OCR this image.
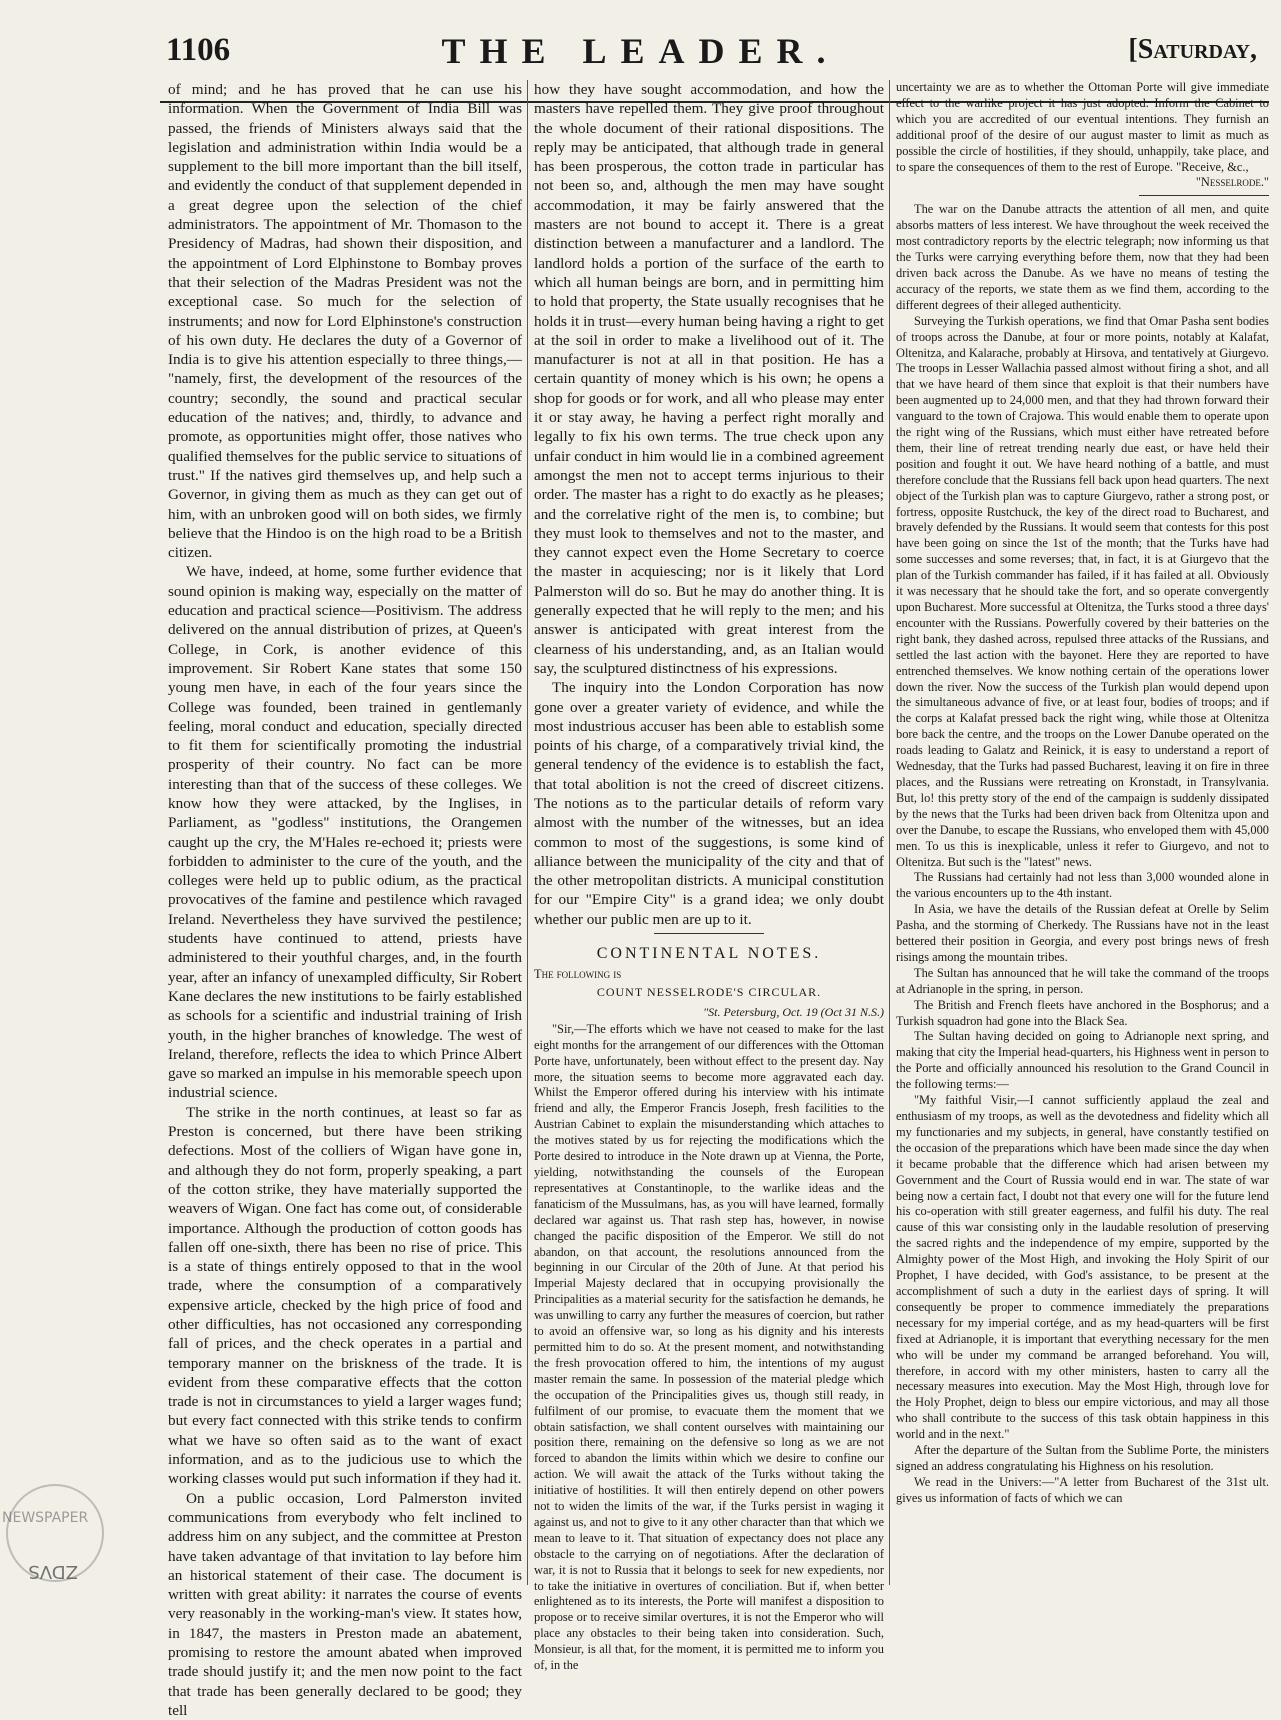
1106	THE LEADER.	[Saturday,

of mind; and he has proved that he can use his information. When the Government of India Bill was passed, the friends of Ministers always said that the legislation and administration within India would be a supplement to the bill more important than the bill itself, and evidently the conduct of that supplement depended in a great degree upon the selection of the chief administrators. The appointment of Mr. Thomason to the Presidency of Madras, had shown their disposition, and the appointment of Lord Elphinstone to Bombay proves that their selection of the Madras President was not the exceptional case. So much for the selection of instruments; and now for Lord Elphinstone's construction of his own duty. He declares the duty of a Governor of India is to give his attention especially to three things,— "namely, first, the development of the resources of the country; secondly, the sound and practical secular education of the natives; and, thirdly, to advance and promote, as opportunities might offer, those natives who qualified themselves for the public service to situations of trust." If the natives gird themselves up, and help such a Governor, in giving them as much as they can get out of him, with an unbroken good will on both sides, we firmly believe that the Hindoo is on the high road to be a British citizen.

We have, indeed, at home, some further evidence that sound opinion is making way, especially on the matter of education and practical science—Positivism. The address delivered on the annual distribution of prizes, at Queen's College, in Cork, is another evidence of this improvement. Sir Robert Kane states that some 150 young men have, in each of the four years since the College was founded, been trained in gentlemanly feeling, moral conduct and education, specially directed to fit them for scientifically promoting the industrial prosperity of their country. No fact can be more interesting than that of the success of these colleges. We know how they were attacked, by the Inglises, in Parliament, as "godless" institutions, the Orangemen caught up the cry, the M'Hales re-echoed it; priests were forbidden to administer to the cure of the youth, and the colleges were held up to public odium, as the practical provocatives of the famine and pestilence which ravaged Ireland. Nevertheless they have survived the pestilence; students have continued to attend, priests have administered to their youthful charges, and, in the fourth year, after an infancy of unexampled difficulty, Sir Robert Kane declares the new institutions to be fairly established as schools for a scientific and industrial training of Irish youth, in the higher branches of knowledge. The west of Ireland, therefore, reflects the idea to which Prince Albert gave so marked an impulse in his memorable speech upon industrial science.

The strike in the north continues, at least so far as Preston is concerned, but there have been striking defections. Most of the colliers of Wigan have gone in, and although they do not form, properly speaking, a part of the cotton strike, they have materially supported the weavers of Wigan. One fact has come out, of considerable importance. Although the production of cotton goods has fallen off one-sixth, there has been no rise of price. This is a state of things entirely opposed to that in the wool trade, where the consumption of a comparatively expensive article, checked by the high price of food and other difficulties, has not occasioned any corresponding fall of prices, and the check operates in a partial and temporary manner on the briskness of the trade. It is evident from these comparative effects that the cotton trade is not in circumstances to yield a larger wages fund; but every fact connected with this strike tends to confirm what we have so often said as to the want of exact information, and as to the judicious use to which the working classes would put such information if they had it.

On a public occasion, Lord Palmerston invited communications from everybody who felt inclined to address him on any subject, and the committee at Preston have taken advantage of that invitation to lay before him an historical statement of their case. The document is written with great ability: it narrates the course of events very reasonably in the working-man's view. It states how, in 1847, the masters in Preston made an abatement, promising to restore the amount abated when improved trade should justify it; and the men now point to the fact that trade has been generally declared to be good; they tell

how they have sought accommodation, and how the masters have repelled them. They give proof throughout the whole document of their rational dispositions. The reply may be anticipated, that although trade in general has been prosperous, the cotton trade in particular has not been so, and, although the men may have sought accommodation, it may be fairly answered that the masters are not bound to accept it. There is a great distinction between a manufacturer and a landlord. The landlord holds a portion of the surface of the earth to which all human beings are born, and in permitting him to hold that property, the State usually recognises that he holds it in trust—every human being having a right to get at the soil in order to make a livelihood out of it. The manufacturer is not at all in that position. He has a certain quantity of money which is his own; he opens a shop for goods or for work, and all who please may enter it or stay away, he having a perfect right morally and legally to fix his own terms. The true check upon any unfair conduct in him would lie in a combined agreement amongst the men not to accept terms injurious to their order. The master has a right to do exactly as he pleases; and the correlative right of the men is, to combine; but they must look to themselves and not to the master, and they cannot expect even the Home Secretary to coerce the master in acquiescing; nor is it likely that Lord Palmerston will do so. But he may do another thing. It is generally expected that he will reply to the men; and his answer is anticipated with great interest from the clearness of his understanding, and, as an Italian would say, the sculptured distinctness of his expressions.

The inquiry into the London Corporation has now gone over a greater variety of evidence, and while the most industrious accuser has been able to establish some points of his charge, of a comparatively trivial kind, the general tendency of the evidence is to establish the fact, that total abolition is not the creed of discreet citizens. The notions as to the particular details of reform vary almost with the number of the witnesses, but an idea common to most of the suggestions, is some kind of alliance between the municipality of the city and that of the other metropolitan districts. A municipal constitution for our "Empire City" is a grand idea; we only doubt whether our public men are up to it.

CONTINENTAL NOTES.
The following is
COUNT NESSELRODE'S CIRCULAR.
"St. Petersburg, Oct. 19 (Oct 31 N.S.)

"Sir,—The efforts which we have not ceased to make for the last eight months for the arrangement of our differences with the Ottoman Porte have, unfortunately, been without effect to the present day. Nay more, the situation seems to become more aggravated each day. Whilst the Emperor offered during his interview with his intimate friend and ally, the Emperor Francis Joseph, fresh facilities to the Austrian Cabinet to explain the misunderstanding which attaches to the motives stated by us for rejecting the modifications which the Porte desired to introduce in the Note drawn up at Vienna, the Porte, yielding, notwithstanding the counsels of the European representatives at Constantinople, to the warlike ideas and the fanaticism of the Mussulmans, has, as you will have learned, formally declared war against us. That rash step has, however, in nowise changed the pacific disposition of the Emperor. We still do not abandon, on that account, the resolutions announced from the beginning in our Circular of the 20th of June. At that period his Imperial Majesty declared that in occupying provisionally the Principalities as a material security for the satisfaction he demands, he was unwilling to carry any further the measures of coercion, but rather to avoid an offensive war, so long as his dignity and his interests permitted him to do so. At the present moment, and notwithstanding the fresh provocation offered to him, the intentions of my august master remain the same. In possession of the material pledge which the occupation of the Principalities gives us, though still ready, in fulfilment of our promise, to evacuate them the moment that we obtain satisfaction, we shall content ourselves with maintaining our position there, remaining on the defensive so long as we are not forced to abandon the limits within which we desire to confine our action. We will await the attack of the Turks without taking the initiative of hostilities. It will then entirely depend on other powers not to widen the limits of the war, if the Turks persist in waging it against us, and not to give to it any other character than that which we mean to leave to it. That situation of expectancy does not place any obstacle to the carrying on of negotiations. After the declaration of war, it is not to Russia that it belongs to seek for new expedients, nor to take the initiative in overtures of conciliation. But if, when better enlightened as to its interests, the Porte will manifest a disposition to propose or to receive similar overtures, it is not the Emperor who will place any obstacles to their being taken into consideration. Such, Monsieur, is all that, for the moment, it is permitted me to inform you of, in the

uncertainty we are as to whether the Ottoman Porte will give immediate effect to the warlike project it has just adopted. Inform the Cabinet to which you are accredited of our eventual intentions. They furnish an additional proof of the desire of our august master to limit as much as possible the circle of hostilities, if they should, unhappily, take place, and to spare the consequences of them to the rest of Europe. "Receive, &c.,

"Nesselrode."

The war on the Danube attracts the attention of all men, and quite absorbs matters of less interest. We have throughout the week received the most contradictory reports by the electric telegraph; now informing us that the Turks were carrying everything before them, now that they had been driven back across the Danube. As we have no means of testing the accuracy of the reports, we state them as we find them, according to the different degrees of their alleged authenticity.

Surveying the Turkish operations, we find that Omar Pasha sent bodies of troops across the Danube, at four or more points, notably at Kalafat, Oltenitza, and Kalarache, probably at Hirsova, and tentatively at Giurgevo. The troops in Lesser Wallachia passed almost without firing a shot, and all that we have heard of them since that exploit is that their numbers have been augmented up to 24,000 men, and that they had thrown forward their vanguard to the town of Crajowa. This would enable them to operate upon the right wing of the Russians, which must either have retreated before them, their line of retreat trending nearly due east, or have held their position and fought it out. We have heard nothing of a battle, and must therefore conclude that the Russians fell back upon head quarters. The next object of the Turkish plan was to capture Giurgevo, rather a strong post, or fortress, opposite Rustchuck, the key of the direct road to Bucharest, and bravely defended by the Russians. It would seem that contests for this post have been going on since the 1st of the month; that the Turks have had some successes and some reverses; that, in fact, it is at Giurgevo that the plan of the Turkish commander has failed, if it has failed at all. Obviously it was necessary that he should take the fort, and so operate convergently upon Bucharest. More successful at Oltenitza, the Turks stood a three days' encounter with the Russians. Powerfully covered by their batteries on the right bank, they dashed across, repulsed three attacks of the Russians, and settled the last action with the bayonet. Here they are reported to have entrenched themselves. We know nothing certain of the operations lower down the river. Now the success of the Turkish plan would depend upon the simultaneous advance of five, or at least four, bodies of troops; and if the corps at Kalafat pressed back the right wing, while those at Oltenitza bore back the centre, and the troops on the Lower Danube operated on the roads leading to Galatz and Reinick, it is easy to understand a report of Wednesday, that the Turks had passed Bucharest, leaving it on fire in three places, and the Russians were retreating on Kronstadt, in Transylvania. But, lo! this pretty story of the end of the campaign is suddenly dissipated by the news that the Turks had been driven back from Oltenitza upon and over the Danube, to escape the Russians, who enveloped them with 45,000 men. To us this is inexplicable, unless it refer to Giurgevo, and not to Oltenitza. But such is the "latest" news.

The Russians had certainly had not less than 3,000 wounded alone in the various encounters up to the 4th instant.

In Asia, we have the details of the Russian defeat at Orelle by Selim Pasha, and the storming of Cherkedy. The Russians have not in the least bettered their position in Georgia, and every post brings news of fresh risings among the mountain tribes.

The Sultan has announced that he will take the command of the troops at Adrianople in the spring, in person.

The British and French fleets have anchored in the Bosphorus; and a Turkish squadron had gone into the Black Sea.

The Sultan having decided on going to Adrianople next spring, and making that city the Imperial head-quarters, his Highness went in person to the Porte and officially announced his resolution to the Grand Council in the following terms:—

"My faithful Visir,—I cannot sufficiently applaud the zeal and enthusiasm of my troops, as well as the devotedness and fidelity which all my functionaries and my subjects, in general, have constantly testified on the occasion of the preparations which have been made since the day when it became probable that the difference which had arisen between my Government and the Court of Russia would end in war. The state of war being now a certain fact, I doubt not that every one will for the future lend his co-operation with still greater eagerness, and fulfil his duty. The real cause of this war consisting only in the laudable resolution of preserving the sacred rights and the independence of my empire, supported by the Almighty power of the Most High, and invoking the Holy Spirit of our Prophet, I have decided, with God's assistance, to be present at the accomplishment of such a duty in the earliest days of spring. It will consequently be proper to commence immediately the preparations necessary for my imperial cortége, and as my head-quarters will be first fixed at Adrianople, it is important that everything necessary for the men who will be under my command be arranged beforehand. You will, therefore, in accord with my other ministers, hasten to carry all the necessary measures into execution. May the Most High, through love for the Holy Prophet, deign to bless our empire victorious, and may all those who shall contribute to the success of this task obtain happiness in this world and in the next."

After the departure of the Sultan from the Sublime Porte, the ministers signed an address congratulating his Highness on his resolution.

We read in the Univers:—"A letter from Bucharest of the 31st ult. gives us information of facts of which we can

NEWSPAPER
ZDVS
